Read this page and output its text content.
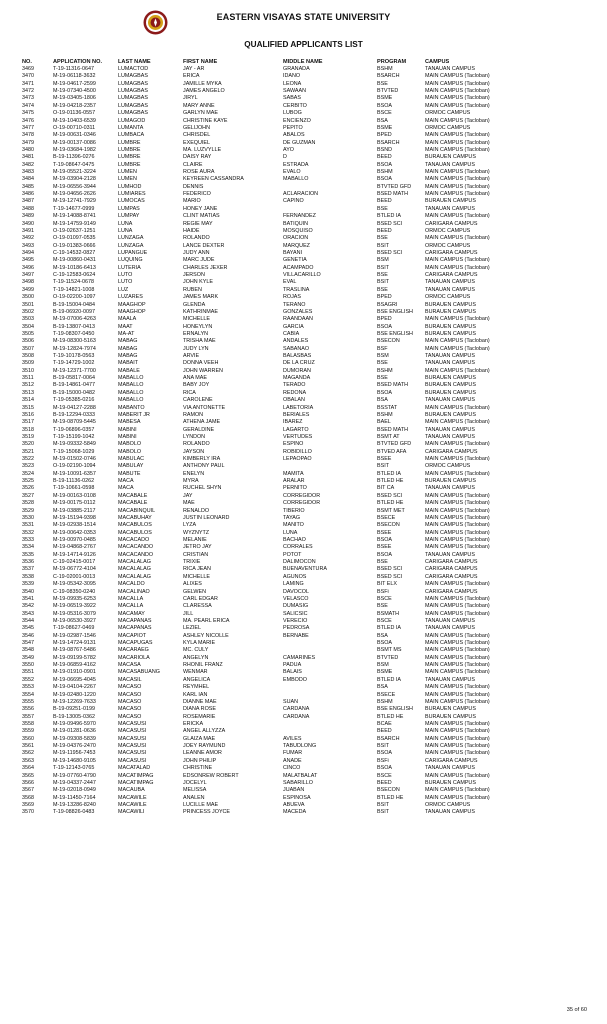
EASTERN VISAYAS STATE UNIVERSITY
QUALIFIED APPLICANTS LIST
NO.	APPLICATION NO.	LAST NAME	FIRST NAME	MIDDLE NAME	PROGRAM	CAMPUS
3469	T-19-11316-0647	LUMACTOD	JAY - AR	GRANADA	BSHM	TANAUAN CAMPUS
3470	M-19-06118-3632	LUMAGBAS	ERICA	IDANO	BSARCH	MAIN CAMPUS (Tacloban)
3471	M-19-04617-2599	LUMAGBAS	JAMILLE MYKA	LEONA	BSE	MAIN CAMPUS (Tacloban)
3472	M-19-07340-4500	LUMAGBAS	JAMES ANGELO	SAWAAN	BTVTED	MAIN CAMPUS (Tacloban)
3473	M-19-03405-1806	LUMAGBAS	JIRYL	SABAS	BSME	MAIN CAMPUS (Tacloban)
3474	M-19-04218-2357	LUMAGBAS	MARY ANNE	CERBITO	BSOA	MAIN CAMPUS (Tacloban)
3475	O-19-01136-0557	LUMAGBAS	GARLYN MAE	LUBOG	BSCE	ORMOC CAMPUS
3476	M-19-10403-6539	LUMAGOD	CHRISTINE KAYE	ENCIENZO	BSA	MAIN CAMPUS (Tacloban)
3477	O-19-00710-0311	LUMANTA	GELIJOHN	PEPITO	BSME	ORMOC CAMPUS
3478	M-19-00631-0346	LUMBACA	CHRISDEL	ABALOS	BPED	MAIN CAMPUS (Tacloban)
3479	M-19-00137-0086	LUMBRE	EXEQUIEL	DE GUZMAN	BSARCH	MAIN CAMPUS (Tacloban)
3480	M-19-03684-1982	LUMBRE	MA. LUZVYLLE	AYO	BSND	MAIN CAMPUS (Tacloban)
3481	B-19-11396-0276	LUMBRE	DAISY RAY	D	BEED	BURAUEN CAMPUS
3482	T-19-08647-0475	LUMBRE	CLAIRE	ESTRADA	BSOA	TANAUAN CAMPUS
3483	M-19-05521-3224	LUMEN	ROSE AURA	EVALO	BSHM	MAIN CAMPUS (Tacloban)
3484	M-19-03904-2128	LUMEN	KEYREEN CASSANDRA	MABALLO	BSOA	MAIN CAMPUS (Tacloban)
3485	M-19-06556-3944	LUMHOD	DENNIS		BTVTED GFD	MAIN CAMPUS (Tacloban)
3486	M-19-04656-2626	LUMIARES	FEDERICO	ACLARACION	BSED MATH	MAIN CAMPUS (Tacloban)
3487	M-19-12741-7929	LUMOCAS	MARIO	CAPINO	BEED	BURAUEN CAMPUS
3488	T-19-14677-0999	LUMPAS	HONEY JANE		BSE	TANAUAN CAMPUS
3489	M-19-14088-8741	LUMPAY	CLINT MATIAS	FERNANDEZ	BTLED IA	MAIN CAMPUS (Tacloban)
3490	M-19-14759-9149	LUNA	REGIE MAY	BATIQUIN	BSED SCI	CARIGARA CAMPUS
3491	O-19-02637-1251	LUNA	HAIDE	MOSQUISO	BEED	ORMOC CAMPUS
3492	O-19-01097-0535	LUNZAGA	ROLANDO	ORACION	BSE	MAIN CAMPUS (Tacloban)
3493	O-19-01383-0666	LUNZAGA	LANCE DEXTER	MARQUEZ	BSIT	ORMOC CAMPUS
3494	C-19-14532-0827	LUPANGUE	JUDY ANN	BAYANI	BSED SCI	CARIGARA CAMPUS
3495	M-19-00860-0431	LUQUING	MARC JUDE	GENETIA	BSM	MAIN CAMPUS (Tacloban)
3496	M-19-10186-6413	LUTERIA	CHARLES JEXER	ACAMPADO	BSIT	MAIN CAMPUS (Tacloban)
3497	C-19-12583-0624	LUTO	JERSON	VILLACARILLO	BSE	CARIGARA CAMPUS
3498	T-19-11524-0678	LUTO	JOHN KYLE	EVAL	BSIT	TANAUAN CAMPUS
3499	T-19-14821-1008	LUZ	RUBEN	TRASLINA	BSE	TANAUAN CAMPUS
3500	O-19-02200-1097	LUZARES	JAMES MARK	ROJAS	BPED	ORMOC CAMPUS
3501	B-19-15004-0484	MAAGHOP	GLENDA	TERANO	BSAGRI	BURAUEN CAMPUS
3502	B-19-06920-0097	MAAGHOP	KATHRINMAE	GONZALES	BSE ENGLISH	BURAUEN CAMPUS
3503	M-19-07006-4263	MAALA	MICHELLE	RAANDAAN	BPED	MAIN CAMPUS (Tacloban)
3504	B-19-13807-0413	MAAT	HONEYLYN	GARCIA	BSOA	BURAUEN CAMPUS
3505	T-19-08307-0450	MA-AT	ERNALYN	CABIA	BSE ENGLISH	BURAUEN CAMPUS
3506	M-19-08300-5163	MABAG	TRISHA MAE	ANDALES	BSECON	MAIN CAMPUS (Tacloban)
3507	M-19-12824-7974	MABAG	JUDY LYN	SABANAO	BSF	MAIN CAMPUS (Tacloban)
3508	T-19-10178-0563	MABAG	ARVIE	BALASBAS	BSM	TANAUAN CAMPUS
3509	T-19-14729-1002	MABAIT	DONNA VEEH	DE LA CRUZ	BSE	TANAUAN CAMPUS
3510	M-19-12371-7700	MABALE	JOHN WARREN	DUMORAN	BSHM	MAIN CAMPUS (Tacloban)
3511	B-19-05817-0064	MABALLO	ANA MAE	MAGANDA	BSE	BURAUEN CAMPUS
3512	B-19-14861-0477	MABALLO	BABY JOY	TERADO	BSED MATH	BURAUEN CAMPUS
3513	B-19-15000-0482	MABALLO	RICA	REDOÑA	BSOA	BURAUEN CAMPUS
3514	T-19-05385-0216	MABALLO	CAROLENE	OBALAN	BSA	TANAUAN CAMPUS
3515	M-19-04127-2288	MABANTO	VIA ANTONETTE	LABETORIA	BSSTAT	MAIN CAMPUS (Tacloban)
3516	B-19-12294-0333	MABERIT JR	RAMON	BERIALES	BSHM	BURAUEN CAMPUS
3517	M-19-08709-5445	MABESA	ATHENA JAME	IBAREZ	BAEL	MAIN CAMPUS (Tacloban)
3518	T-19-06896-0357	MABINI	GERALDINE	LAGARTO	BSED MATH	TANAUAN CAMPUS
3519	T-19-15199-1042	MABINI	LYNDON	VERTUDES	BSMT AT	TANAUAN CAMPUS
3520	M-19-09332-5849	MABOLO	ROLANDO	ESPINO	BTVTED GFD	MAIN CAMPUS (Tacloban)
3521	T-19-15068-1029	MABOLO	JAYSON	ROBIDILLO	BTVED AFA	CARIGARA CAMPUS
3522	M-19-01502-0746	MABULAC	KIMBERLY IRA	LEPAOPAO	BSEE	MAIN CAMPUS (Tacloban)
3523	O-19-02190-1094	MABULAY	ANTHONY PAUL		BSIT	ORMOC CAMPUS
3524	M-19-10091-6357	MABUTE	ENELYN	MAMITA	BTLED IA	MAIN CAMPUS (Tacloban)
3525	B-19-11136-0262	MACA	MYRA	ARALAR	BTLED HE	BURAUEN CAMPUS
3526	T-19-10661-0598	MACA	RUCHEL SHYN	PERNITO	BIT CA	TANAUAN CAMPUS
3527	M-19-00163-0108	MACABALE	JAY	CORREGIDOR	BSED SCI	MAIN CAMPUS (Tacloban)
3528	M-19-00175-0112	MACABALE	MAE	CORREGIDOR	BTLED HE	MAIN CAMPUS (Tacloban)
3529	M-19-03885-2117	MACABINQUIL	RENALDO	TIBERIO	BSMT MET	MAIN CAMPUS (Tacloban)
3530	M-19-15194-9398	MACABUHAY	JUSTIN LEONARD	TAYAG	BSECE	MAIN CAMPUS (Tacloban)
3531	M-19-02938-1514	MACABULOS	LYZA	MANITO	BSECON	MAIN CAMPUS (Tacloban)
3532	M-19-00642-0353	MACABULOS	WYZNYTZ	LUNA	BSEE	MAIN CAMPUS (Tacloban)
3533	M-19-00970-0485	MACACADO	MELANIE	BACHAO	BSOA	MAIN CAMPUS (Tacloban)
3534	M-19-04868-2767	MACACANDO	JETRO JAY	CORRALES	BSEE	MAIN CAMPUS (Tacloban)
3535	M-19-14714-9126	MACACANDO	CRISTIAN	POTOT	BSOA	TANAUAN CAMPUS
3536	C-19-02415-0017	MACALALAG	TRIXIE	DALIMOCON	BSE	CARIGARA CAMPUS
3537	M-19-06772-4104	MACALALAG	RICA JEAN	BUENAVENTURA	BSED SCI	CARIGARA CAMPUS
3538	C-19-02001-0013	MACALALAG	MICHELLE	AGUNOS	BSED SCI	CARIGARA CAMPUS
3539	M-19-05342-3095	MACALDO	ALIXES	LAMING	BIT ELX	MAIN CAMPUS (Tacloban)
3540	C-19-08350-0240	MACALINAO	GELWEN	DAVOCOL	BSFi	CARIGARA CAMPUS
3541	M-19-09935-6253	MACALLA	CARL EDGAR	VELASCO	BSCE	MAIN CAMPUS (Tacloban)
3542	M-19-06519-3922	MACALLA	CLARESSA	DUMASIG	BSE	MAIN CAMPUS (Tacloban)
3543	M-19-05316-3079	MACAMAY	JILL	SALICSIC	BSMATH	MAIN CAMPUS (Tacloban)
3544	M-19-06530-3927	MACAPANAS	MA. PEARL ERICA	VERECIO	BSCE	TANAUAN CAMPUS
3545	T-19-08627-0469	MACAPANAS	LEZIEL	PEDROSA	BTLED IA	TANAUAN CAMPUS
3546	M-19-02987-1546	MACAPIOT	ASHLEY NICOLLE	BERNABE	BSA	MAIN CAMPUS (Tacloban)
3547	M-19-14724-9131	MACAPUGAS	KYLA MARIE		BSOA	MAIN CAMPUS (Tacloban)
3548	M-19-08767-5486	MACARAEG	MC. CULY		BSMT MS	MAIN CAMPUS (Tacloban)
3549	M-19-09199-5782	MACARIOLA	ANGELYN	CAMARINES	BTVTED	MAIN CAMPUS (Tacloban)
3550	M-19-06859-4162	MACASA	RHONIL FRANZ	PADUA	BSM	MAIN CAMPUS (Tacloban)
3551	M-19-01910-0901	MACASABUANG	WENMAR	BALAIS	BSME	MAIN CAMPUS (Tacloban)
3552	M-19-06695-4045	MACASIL	ANGELICA	EMBODO	BTLED IA	TANAUAN CAMPUS
3553	M-19-04104-2267	MACASO	REYMHEL		BSA	MAIN CAMPUS (Tacloban)
3554	M-19-02480-1220	MACASO	KARL IAN		BSECE	MAIN CAMPUS (Tacloban)
3555	M-19-12269-7633	MACASO	DIANNE MAE	SUAN	BSHM	MAIN CAMPUS (Tacloban)
3556	B-19-09251-0199	MACASO	DIANA ROSE	CARDAÑA	BSE ENGLISH	BURAUEN CAMPUS
3557	B-19-13005-0362	MACASO	ROSEMARIE	CARDAÑA	BTLED HE	BURAUEN CAMPUS
3558	M-19-09496-5970	MACASUSI	ERICKA		BCAE	MAIN CAMPUS (Tacloban)
3559	M-19-01281-0636	MACASUSI	ANGEL ALLYZZA		BEED	MAIN CAMPUS (Tacloban)
3560	M-19-09308-5839	MACASUSI	GLAIZA MAE	AVILES	BSARCH	MAIN CAMPUS (Tacloban)
3561	M-19-04376-2470	MACASUSI	JOEY RAYMUND	TABUDLONG	BSIT	MAIN CAMPUS (Tacloban)
3562	M-19-11956-7453	MACASUSI	LEANNE AMOR	FUMAR	BSOA	MAIN CAMPUS (Tacloban)
3563	M-19-14680-9105	MACASUSI	JOHN PHILIP	ANADE	BSFi	CARIGARA CAMPUS
3564	T-19-12143-0765	MACATALAD	CHRISTINE	CINCO	BSOA	TANAUAN CAMPUS
3565	M-19-07760-4790	MACATIMPAG	EDSONREW ROBERT	MALATBALAT	BSCE	MAIN CAMPUS (Tacloban)
3566	M-19-04337-2447	MACATIMPAG	JOCELYL	SABARILLO	BEED	BURAUEN CAMPUS
3567	M-19-02018-0949	MACAUBA	MELISSA	JUABAN	BSECON	MAIN CAMPUS (Tacloban)
3568	M-19-11450-7164	MACAWILE	ANALEN	ESPINOSA	BTLED HE	MAIN CAMPUS (Tacloban)
3569	M-19-13286-8240	MACAWILE	LUCILLE MAE	ABUEVA	BSIT	ORMOC CAMPUS
3570	T-19-08826-0483	MACAWILI	PRINCESS JOYCE	MACEDA	BSIT	TANAUAN CAMPUS
35 of 60
